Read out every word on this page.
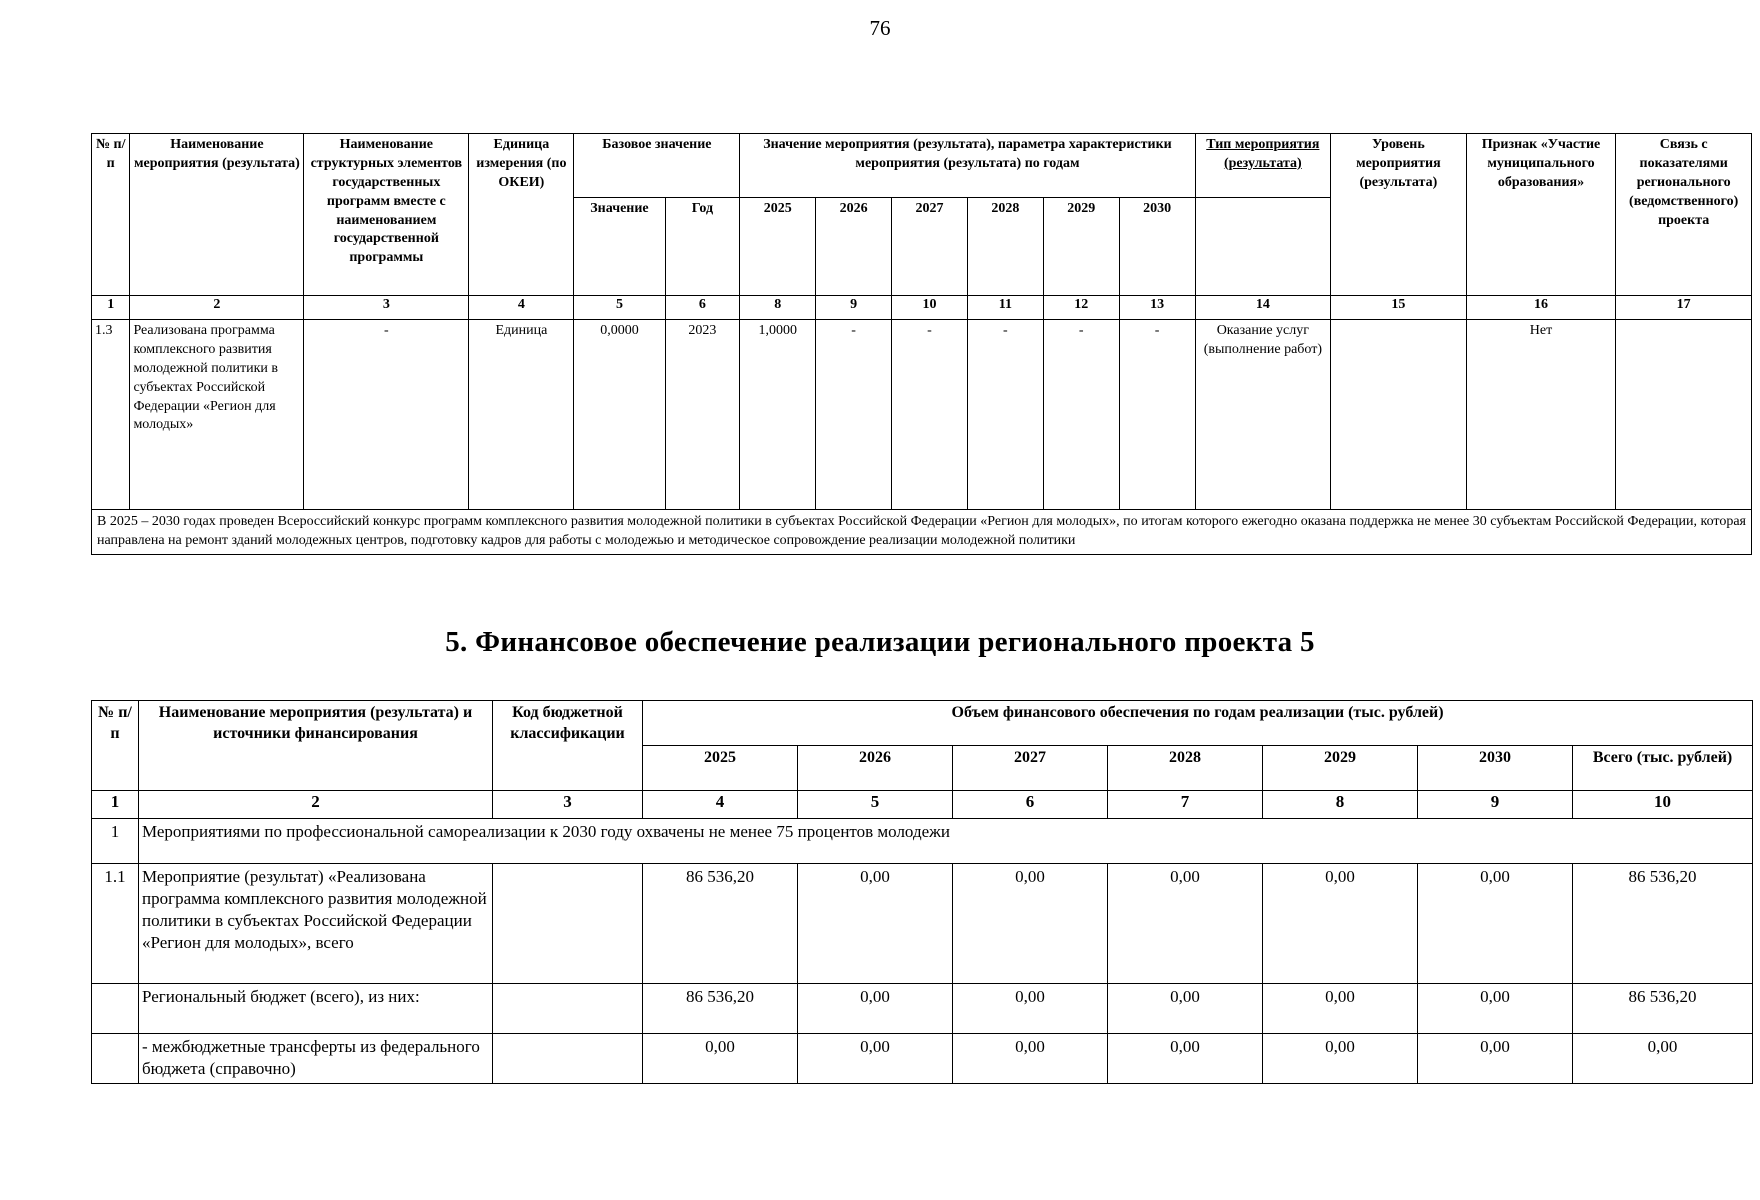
76
№ п/п	Наименование мероприятия (результата)	Наименование структурных элементов государственных программ вместе с наименованием государственной программы	Единица измерения (по ОКЕИ)	Базовое значение		Значение мероприятия (результата), параметра характеристики мероприятия (результата) по годам						Тип мероприятия (результата)	Уровень мероприятия (результата)	Признак «Участие муниципального образования»	Связь с показателями регионального (ведомственного) проекта
				Значение	Год	2025	2026	2027	2028	2029	2030				
1	2	3	4	5	6	8	9	10	11	12	13	14	15	16	17
1.3	Реализована программа комплексного развития молодежной политики в субъектах Российской Федерации «Регион для молодых»	-	Единица	0,0000	2023	1,0000	-	-	-	-	-	Оказание услуг (выполнение работ)		Нет	
В 2025 – 2030 годах проведен Всероссийский конкурс программ комплексного развития молодежной политики в субъектах Российской Федерации «Регион для молодых», по итогам которого ежегодно оказана поддержка не менее 30 субъектам Российской Федерации, которая направлена на ремонт зданий молодежных центров, подготовку кадров для работы с молодежью и методическое сопровождение реализации молодежной политики															
5. Финансовое обеспечение реализации регионального проекта 5
№ п/п	Наименование мероприятия (результата) и источники финансирования	Код бюджетной классификации	Объем финансового обеспечения по годам реализации (тыс. рублей)						
			2025	2026	2027	2028	2029	2030	Всего (тыс. рублей)
1	2	3	4	5	6	7	8	9	10
1	Мероприятиями по профессиональной самореализации к 2030 году охвачены не менее 75 процентов молодежи								
1.1	Мероприятие (результат) «Реализована программа комплексного развития молодежной политики в субъектах Российской Федерации «Регион для молодых», всего		86 536,20	0,00	0,00	0,00	0,00	0,00	86 536,20
	Региональный бюджет (всего), из них:		86 536,20	0,00	0,00	0,00	0,00	0,00	86 536,20
	- межбюджетные трансферты из федерального бюджета (справочно)		0,00	0,00	0,00	0,00	0,00	0,00	0,00
